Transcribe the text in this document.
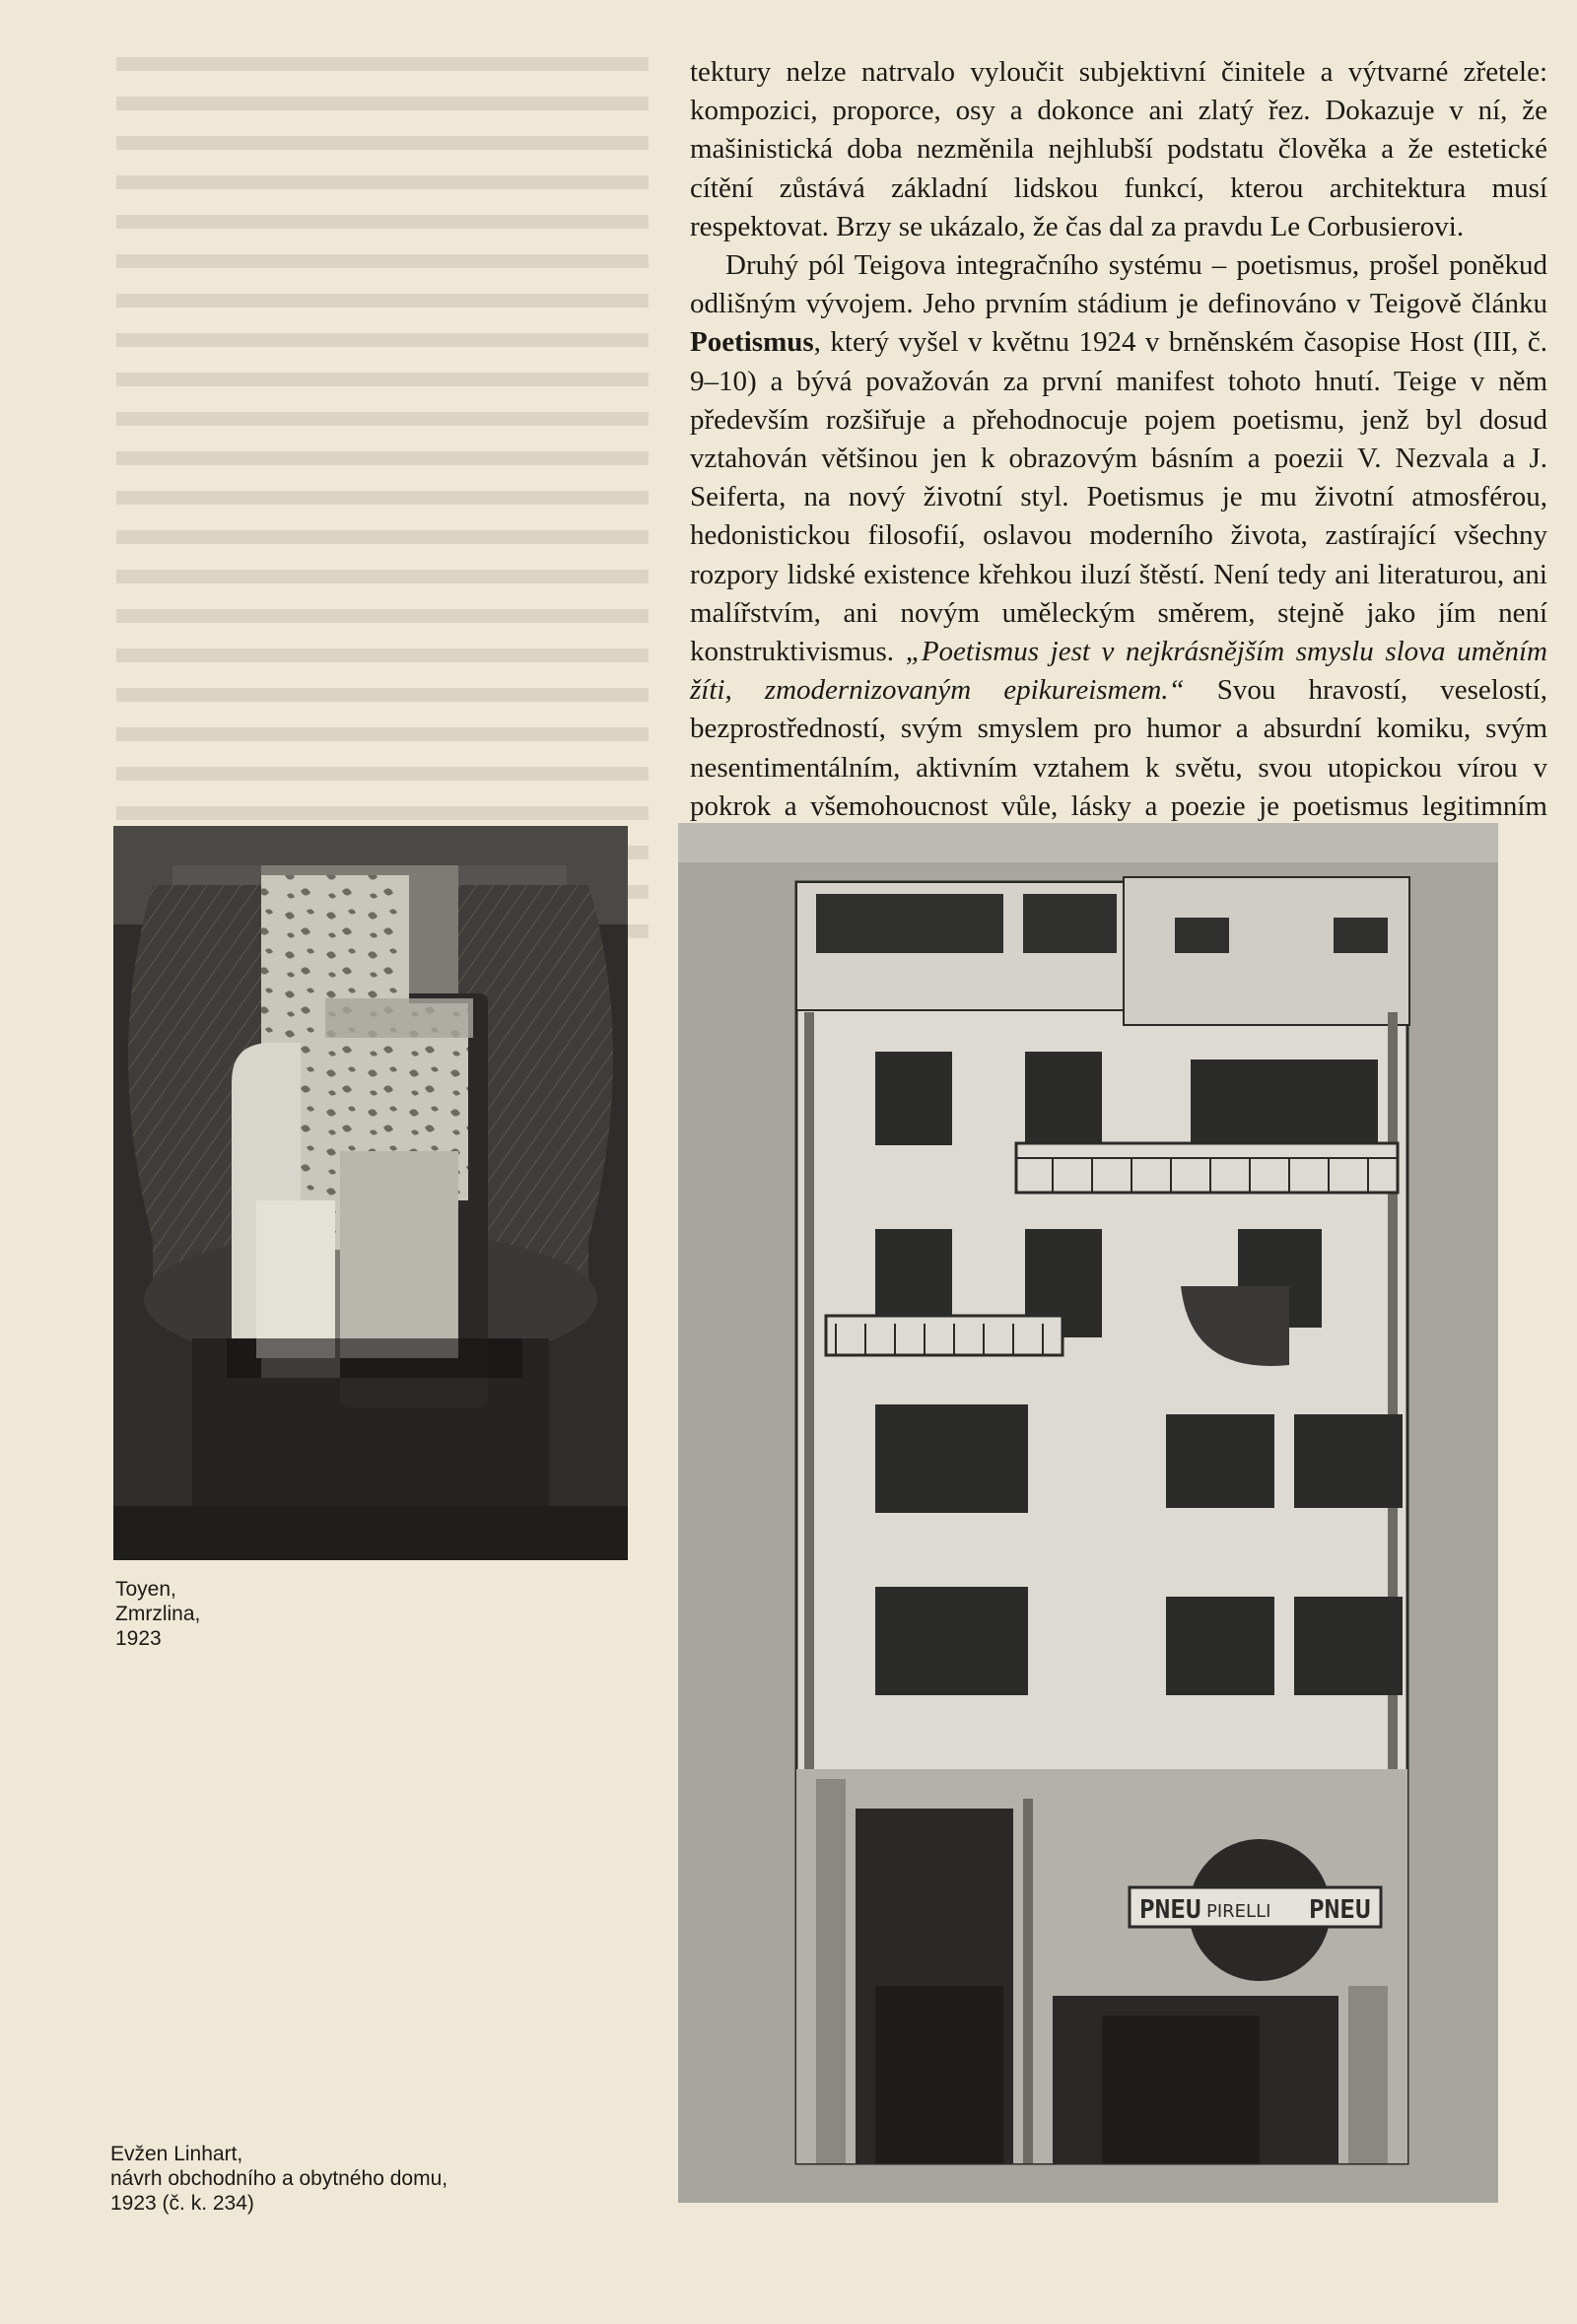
tektury nelze natrvalo vyloučit subjektivní činitele a výtvarné zřetele: kompozici, proporce, osy a dokonce ani zlatý řez. Dokazuje v ní, že mašinistická doba nezměnila nejhlubší podstatu člověka a že estetické cítění zůstává základní lidskou funkcí, kterou architektura musí respektovat. Brzy se ukázalo, že čas dal za pravdu Le Corbusierovi.

Druhý pól Teigova integračního systému – poetismus, prošel poněkud odlišným vývojem. Jeho prvním stádium je definováno v Teigově článku Poetismus, který vyšel v květnu 1924 v brněnském časopise Host (III, č. 9–10) a bývá považován za první manifest tohoto hnutí. Teige v něm především rozšiřuje a přehodnocuje pojem poetismu, jenž byl dosud vztahován většinou jen k obrazovým básním a poezii V. Nezvala a J. Seiferta, na nový životní styl. Poetismus je mu životní atmosférou, hedonistickou filosofií, oslavou moderního života, zastírající všechny rozpory lidské existence křehkou iluzí štěstí. Není tedy ani literaturou, ani malířstvím, ani novým uměleckým směrem, stejně jako jím není konstruktivismus. „Poetismus jest v nejkrásnějším smyslu slova uměním žíti, zmodernizovaným epikureismem.“ Svou hravostí, veselostí, bezprostředností, svým smyslem pro humor a absurdní komiku, svým nesentimentálním, aktivním vztahem k světu, svou utopickou vírou v pokrok a všemohoucnost vůle, lásky a poezie je poetismus legitimním

Toyen,
Zmrzlina,
1923
PNEU PIRELLI PNEU
Evžen Linhart,
návrh obchodního a obytného domu,
1923 (č. k. 234)
